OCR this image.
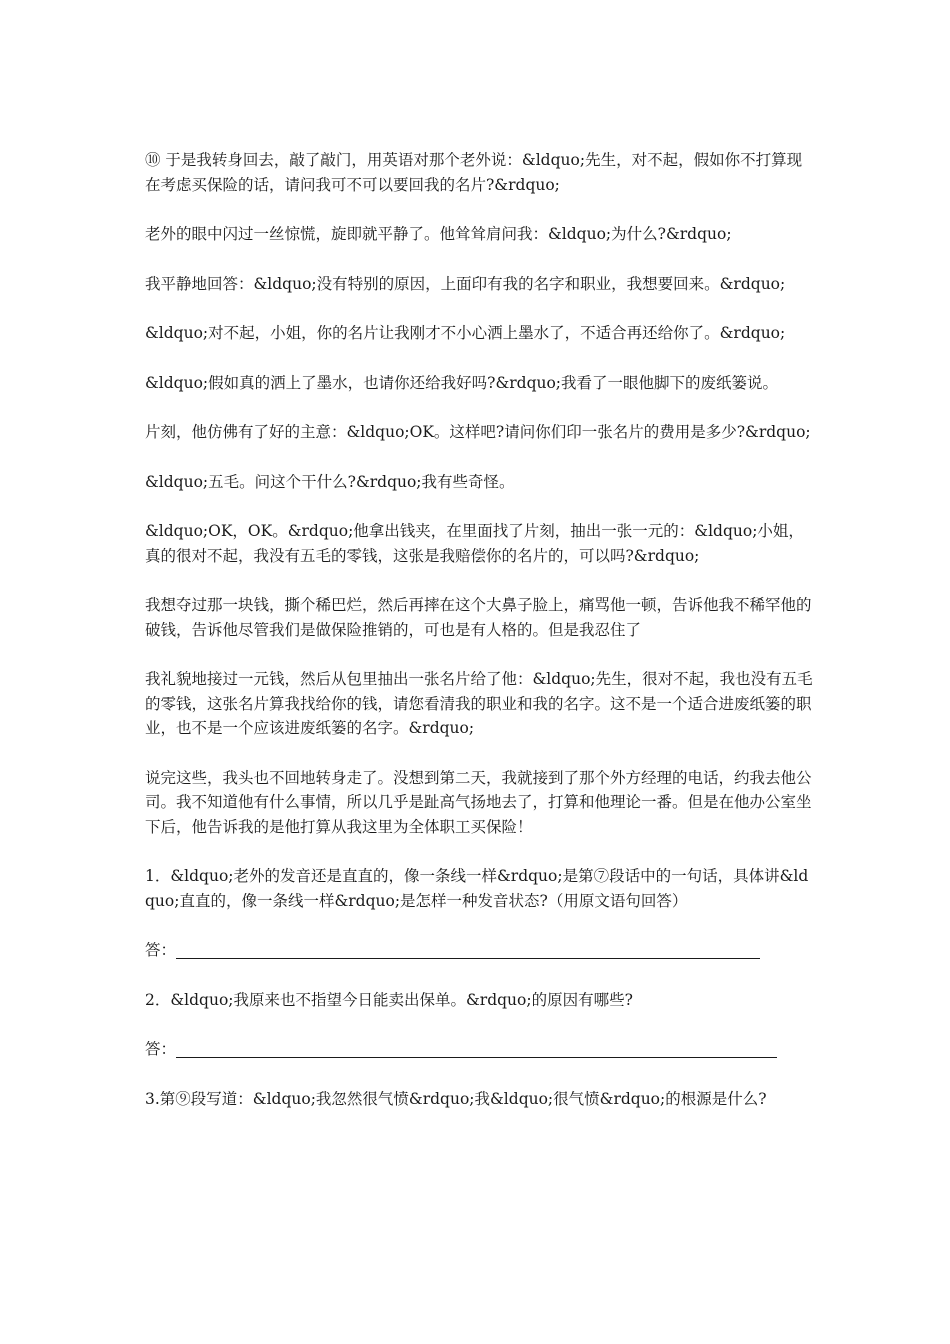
⑩ 于是我转身回去，敲了敲门，用英语对那个老外说：&ldquo;先生，对不起，假如你不打算现在考虑买保险的话，请问我可不可以要回我的名片?&rdquo;

老外的眼中闪过一丝惊慌，旋即就平静了。他耸耸肩问我：&ldquo;为什么?&rdquo;

我平静地回答：&ldquo;没有特别的原因，上面印有我的名字和职业，我想要回来。&rdquo;

&ldquo;对不起，小姐，你的名片让我刚才不小心洒上墨水了，不适合再还给你了。&rdquo;

&ldquo;假如真的洒上了墨水，也请你还给我好吗?&rdquo;我看了一眼他脚下的废纸篓说。

片刻，他仿佛有了好的主意：&ldquo;OK。这样吧?请问你们印一张名片的费用是多少?&rdquo;

&ldquo;五毛。问这个干什么?&rdquo;我有些奇怪。

&ldquo;OK，OK。&rdquo;他拿出钱夹，在里面找了片刻，抽出一张一元的：&ldquo;小姐，真的很对不起，我没有五毛的零钱，这张是我赔偿你的名片的，可以吗?&rdquo;

我想夺过那一块钱，撕个稀巴烂，然后再摔在这个大鼻子脸上，痛骂他一顿，告诉他我不稀罕他的破钱，告诉他尽管我们是做保险推销的，可也是有人格的。但是我忍住了

我礼貌地接过一元钱，然后从包里抽出一张名片给了他：&ldquo;先生，很对不起，我也没有五毛的零钱，这张名片算我找给你的钱，请您看清我的职业和我的名字。这不是一个适合进废纸篓的职业，也不是一个应该进废纸篓的名字。&rdquo;

说完这些，我头也不回地转身走了。没想到第二天，我就接到了那个外方经理的电话，约我去他公司。我不知道他有什么事情，所以几乎是趾高气扬地去了，打算和他理论一番。但是在他办公室坐下后，他告诉我的是他打算从我这里为全体职工买保险！

1．&ldquo;老外的发音还是直直的，像一条线一样&rdquo;是第⑦段话中的一句话，具体讲&ldquo;直直的，像一条线一样&rdquo;是怎样一种发音状态?（用原文语句回答）

答：

2．&ldquo;我原来也不指望今日能卖出保单。&rdquo;的原因有哪些?

答：

3.第⑨段写道：&ldquo;我忽然很气愤&rdquo;我&ldquo;很气愤&rdquo;的根源是什么?
